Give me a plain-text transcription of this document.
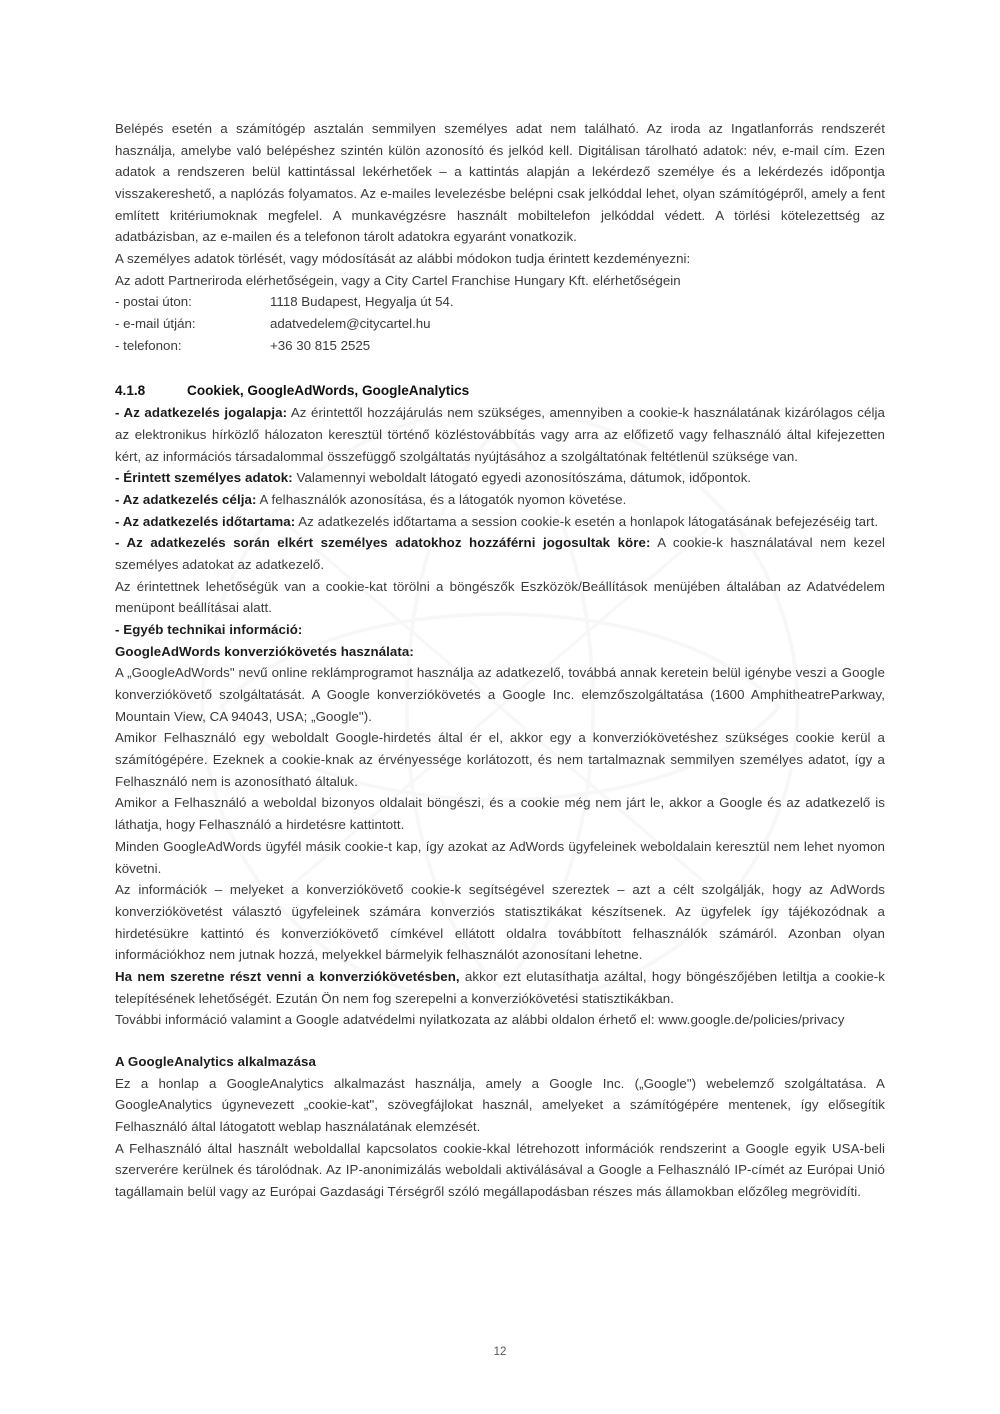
Belépés esetén a számítógép asztalán semmilyen személyes adat nem található. Az iroda az Ingatlanforrás rendszerét használja, amelybe való belépéshez szintén külön azonosító és jelkód kell. Digitálisan tárolható adatok: név, e-mail cím. Ezen adatok a rendszeren belül kattintással lekérhetőek – a kattintás alapján a lekérdező személye és a lekérdezés időpontja visszakereshető, a naplózás folyamatos. Az e-mailes levelezésbe belépni csak jelkóddal lehet, olyan számítógépről, amely a fent említett kritériumoknak megfelel. A munkavégzésre használt mobiltelefon jelkóddal védett. A törlési kötelezettség az adatbázisban, az e-mailen és a telefonon tárolt adatokra egyaránt vonatkozik.

A személyes adatok törlését, vagy módosítását az alábbi módokon tudja érintett kezdeményezni:

Az adott Partneriroda elérhetőségein, vagy a City Cartel Franchise Hungary Kft. elérhetőségein

- postai úton:	1118 Budapest, Hegyalja út 54.
- e-mail útján:	adatvedelem@citycartel.hu
- telefonon:	+36 30 815 2525
4.1.8	Cookiek, GoogleAdWords, GoogleAnalytics

- Az adatkezelés jogalapja: Az érintettől hozzájárulás nem szükséges, amennyiben a cookie-k használatának kizárólagos célja az elektronikus hírközlő hálozaton keresztül történő közléstovábbítás vagy arra az előfizető vagy felhasználó által kifejezetten kért, az információs társadalommal összefüggő szolgáltatás nyújtásához a szolgáltatónak feltétlenül szüksége van.

- Érintett személyes adatok: Valamennyi weboldalt látogató egyedi azonosítószáma, dátumok, időpontok.

- Az adatkezelés célja: A felhasználók azonosítása, és a látogatók nyomon követése.

- Az adatkezelés időtartama: Az adatkezelés időtartama a session cookie-k esetén a honlapok látogatásának befejezéséig tart.

- Az adatkezelés során elkért személyes adatokhoz hozzáférni jogosultak köre: A cookie-k használatával nem kezel személyes adatokat az adatkezelő.

Az érintettnek lehetőségük van a cookie-kat törölni a böngészők Eszközök/Beállítások menüjében általában az Adatvédelem menüpont beállításai alatt.

- Egyéb technikai információ:

GoogleAdWords konverziókövetés használata:

A „GoogleAdWords" nevű online reklámprogramot használja az adatkezelő, továbbá annak keretein belül igénybe veszi a Google konverziókövető szolgáltatását. A Google konverziókövetés a Google Inc. elemzőszolgáltatása (1600 AmphitheatreParkway, Mountain View, CA 94043, USA; „Google").

Amikor Felhasználó egy weboldalt Google-hirdetés által ér el, akkor egy a konverziókövetéshez szükséges cookie kerül a számítógépére. Ezeknek a cookie-knak az érvényessége korlátozott, és nem tartalmaznak semmilyen személyes adatot, így a Felhasználó nem is azonosítható általuk.

Amikor a Felhasználó a weboldal bizonyos oldalait böngészi, és a cookie még nem járt le, akkor a Google és az adatkezelő is láthatja, hogy Felhasználó a hirdetésre kattintott.

Minden GoogleAdWords ügyfél másik cookie-t kap, így azokat az AdWords ügyfeleinek weboldalain keresztül nem lehet nyomon követni.

Az információk – melyeket a konverziókövető cookie-k segítségével szereztek – azt a célt szolgálják, hogy az AdWords konverziókövetést választó ügyfeleinek számára konverziós statisztikákat készítsenek. Az ügyfelek így tájékozódnak a hirdetésükre kattintó és konverziókövető címkével ellátott oldalra továbbított felhasználók számáról. Azonban olyan információkhoz nem jutnak hozzá, melyekkel bármelyik felhasználót azonosítani lehetne.

Ha nem szeretne részt venni a konverziókövetésben, akkor ezt elutasíthatja azáltal, hogy böngészőjében letiltja a cookie-k telepítésének lehetőségét. Ezután Ön nem fog szerepelni a konverziókövetési statisztikákban.

További információ valamint a Google adatvédelmi nyilatkozata az alábbi oldalon érhető el: www.google.de/policies/privacy

A GoogleAnalytics alkalmazása

Ez a honlap a GoogleAnalytics alkalmazást használja, amely a Google Inc. („Google") webelemző szolgáltatása. A GoogleAnalytics úgynevezett „cookie-kat", szövegfájlokat használ, amelyeket a számítógépére mentenek, így elősegítik Felhasználó által látogatott weblap használatának elemzését.

A Felhasználó által használt weboldallal kapcsolatos cookie-kkal létrehozott információk rendszerint a Google egyik USA-beli szerverére kerülnek és tárolódnak. Az IP-anonimizálás weboldali aktiválásával a Google a Felhasználó IP-címét az Európai Unió tagállamain belül vagy az Európai Gazdasági Térségről szóló megállapodásban részes más államokban előzőleg megrövidíti.

12
